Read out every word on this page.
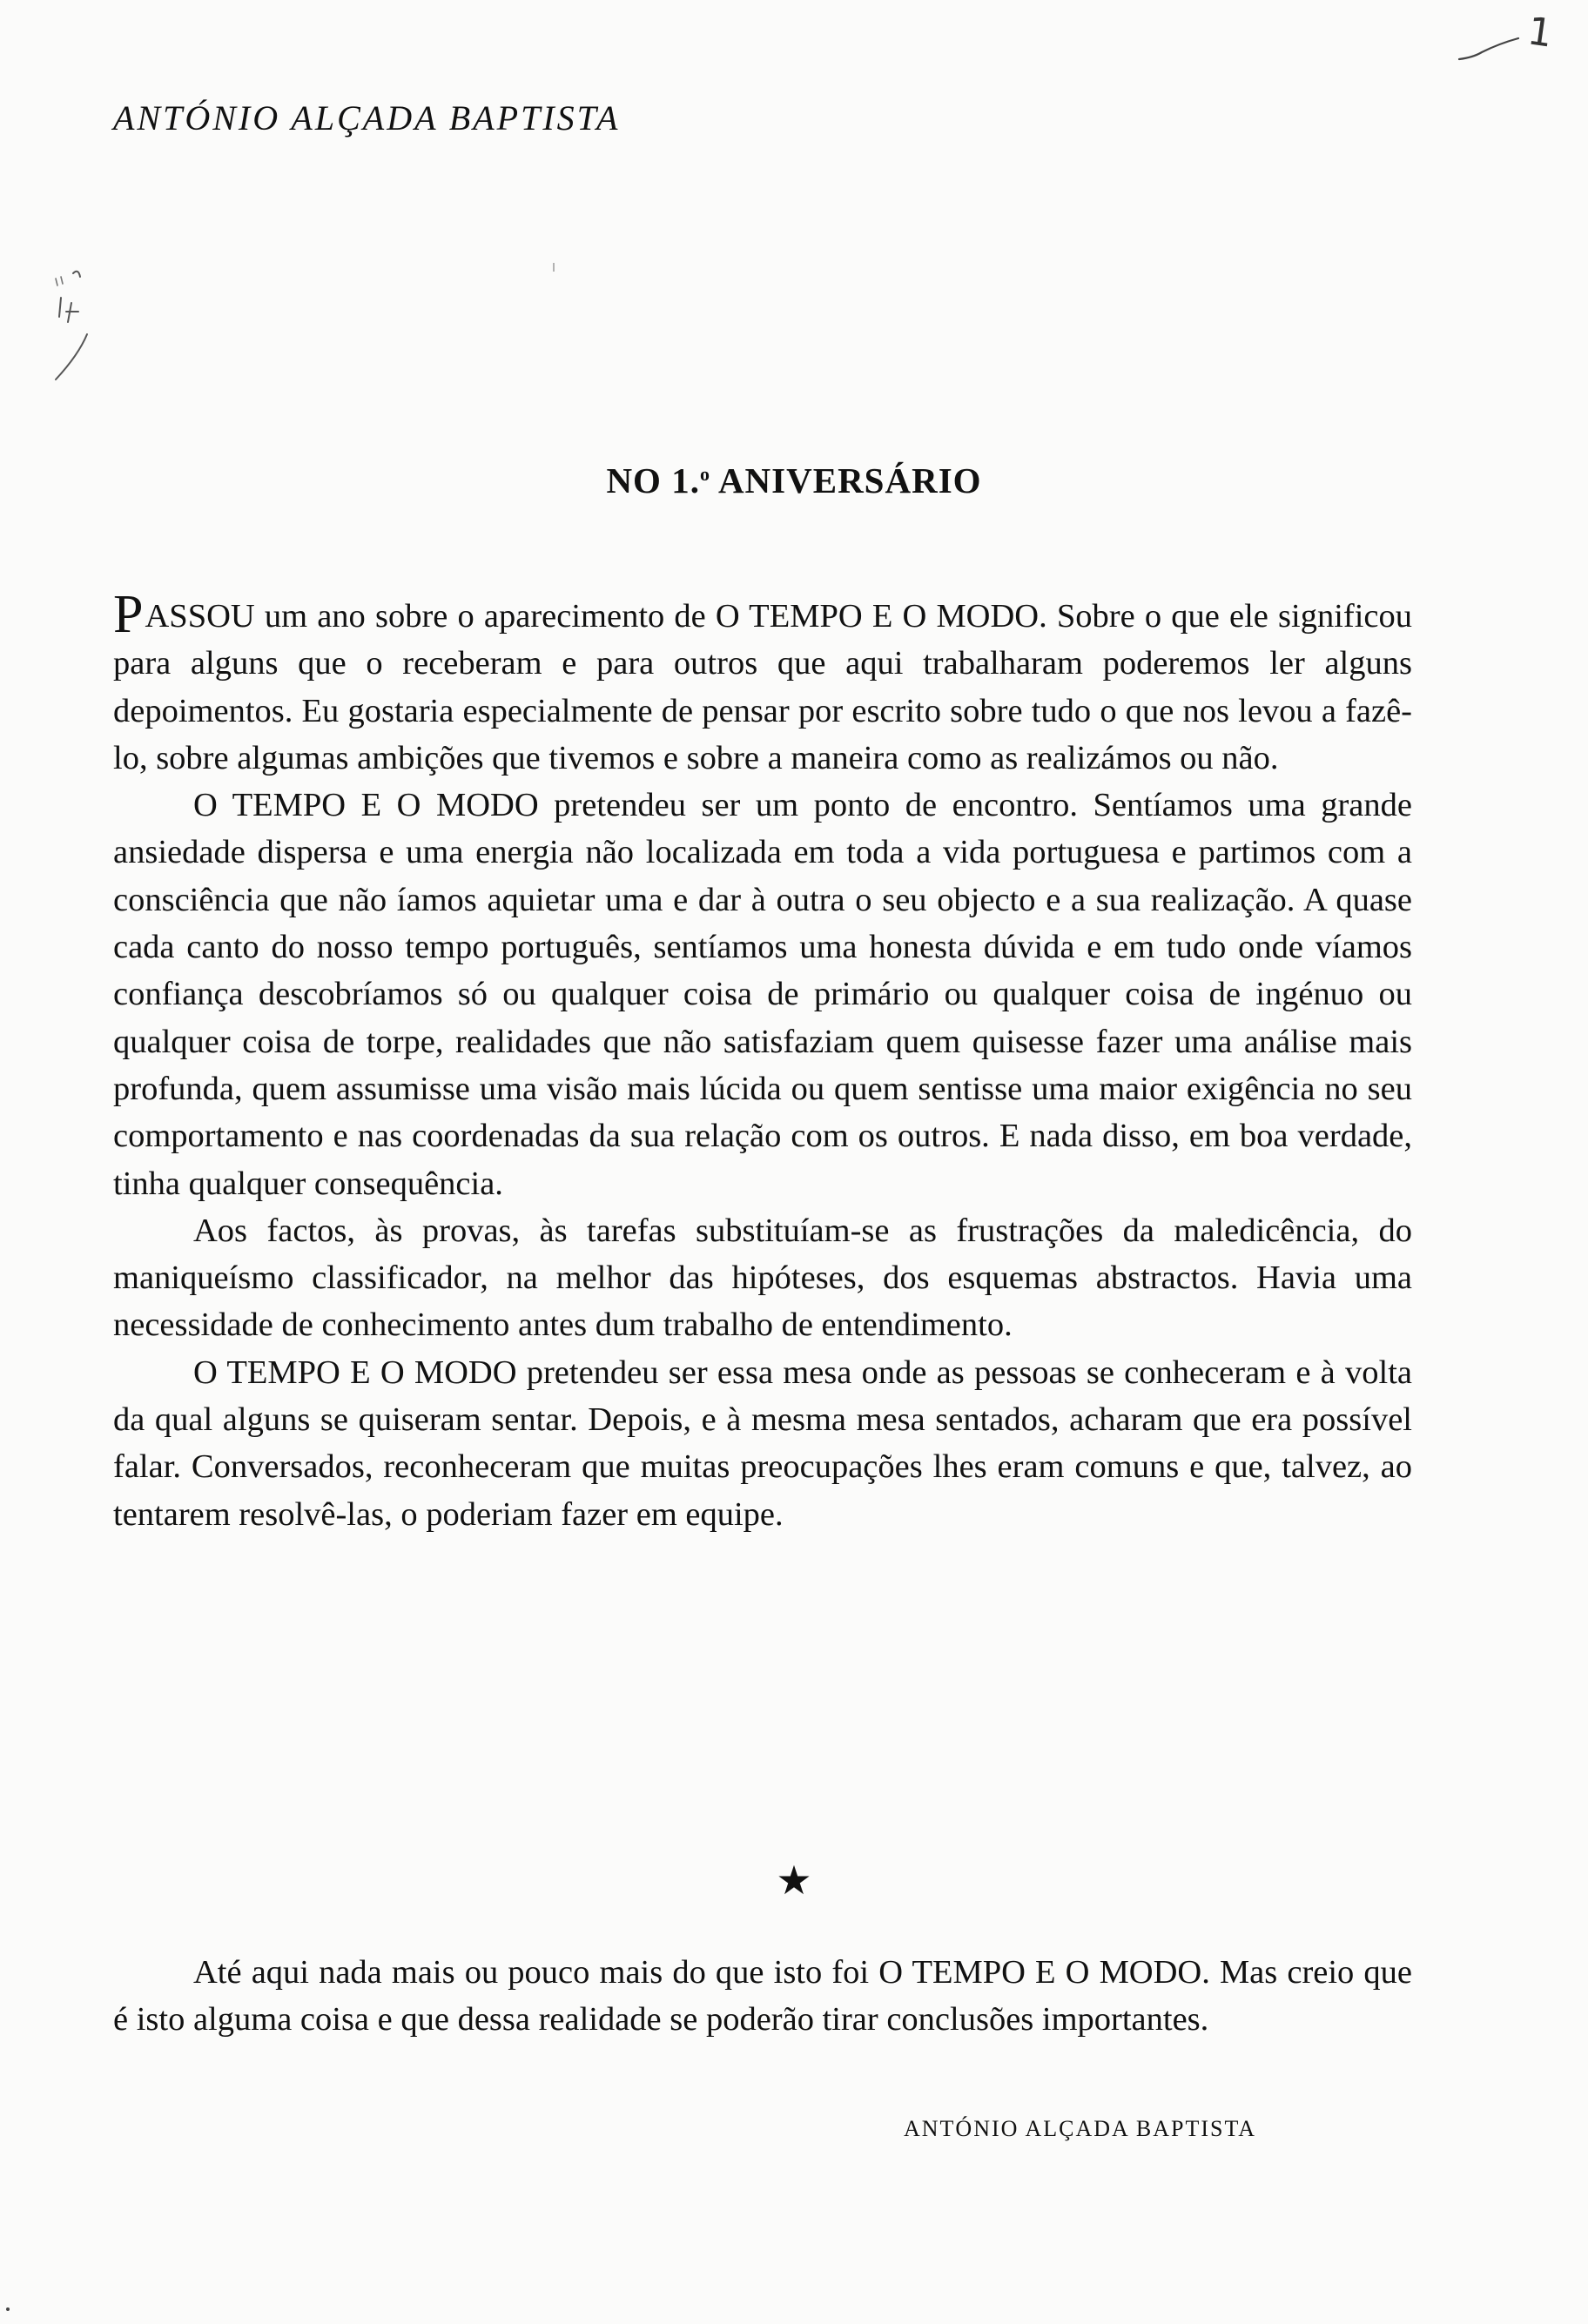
ANTÓNIO ALÇADA BAPTISTA
1
NO 1.$^o$ ANIVERSÁRIO

PASSOU um ano sobre o aparecimento de O TEMPO E O MODO. Sobre o que ele significou para alguns que o receberam e para outros que aqui trabalharam poderemos ler alguns depoimentos. Eu gostaria especialmente de pensar por escrito sobre tudo o que nos levou a fazê-lo, sobre algumas ambições que tivemos e sobre a maneira como as realizámos ou não.

O TEMPO E O MODO pretendeu ser um ponto de encontro. Sentíamos uma grande ansiedade dispersa e uma energia não localizada em toda a vida portuguesa e partimos com a consciência que não íamos aquietar uma e dar à outra o seu objecto e a sua realização. A quase cada canto do nosso tempo português, sentíamos uma honesta dúvida e em tudo onde víamos confiança descobríamos só ou qualquer coisa de primário ou qualquer coisa de ingénuo ou qualquer coisa de torpe, realidades que não satisfaziam quem quisesse fazer uma análise mais profunda, quem assumisse uma visão mais lúcida ou quem sentisse uma maior exigência no seu comportamento e nas coordenadas da sua relação com os outros. E nada disso, em boa verdade, tinha qualquer consequência.

Aos factos, às provas, às tarefas substituíam-se as frustrações da maledicência, do maniqueísmo classificador, na melhor das hipóteses, dos esquemas abstractos. Havia uma necessidade de conhecimento antes dum trabalho de entendimento.

O TEMPO E O MODO pretendeu ser essa mesa onde as pessoas se conheceram e à volta da qual alguns se quiseram sentar. Depois, e à mesma mesa sentados, acharam que era possível falar. Conversados, reconheceram que muitas preocupações lhes eram comuns e que, talvez, ao tentarem resolvê-las, o poderiam fazer em equipe.

★

Até aqui nada mais ou pouco mais do que isto foi O TEMPO E O MODO. Mas creio que é isto alguma coisa e que dessa realidade se poderão tirar conclusões importantes.

ANTÓNIO ALÇADA BAPTISTA
